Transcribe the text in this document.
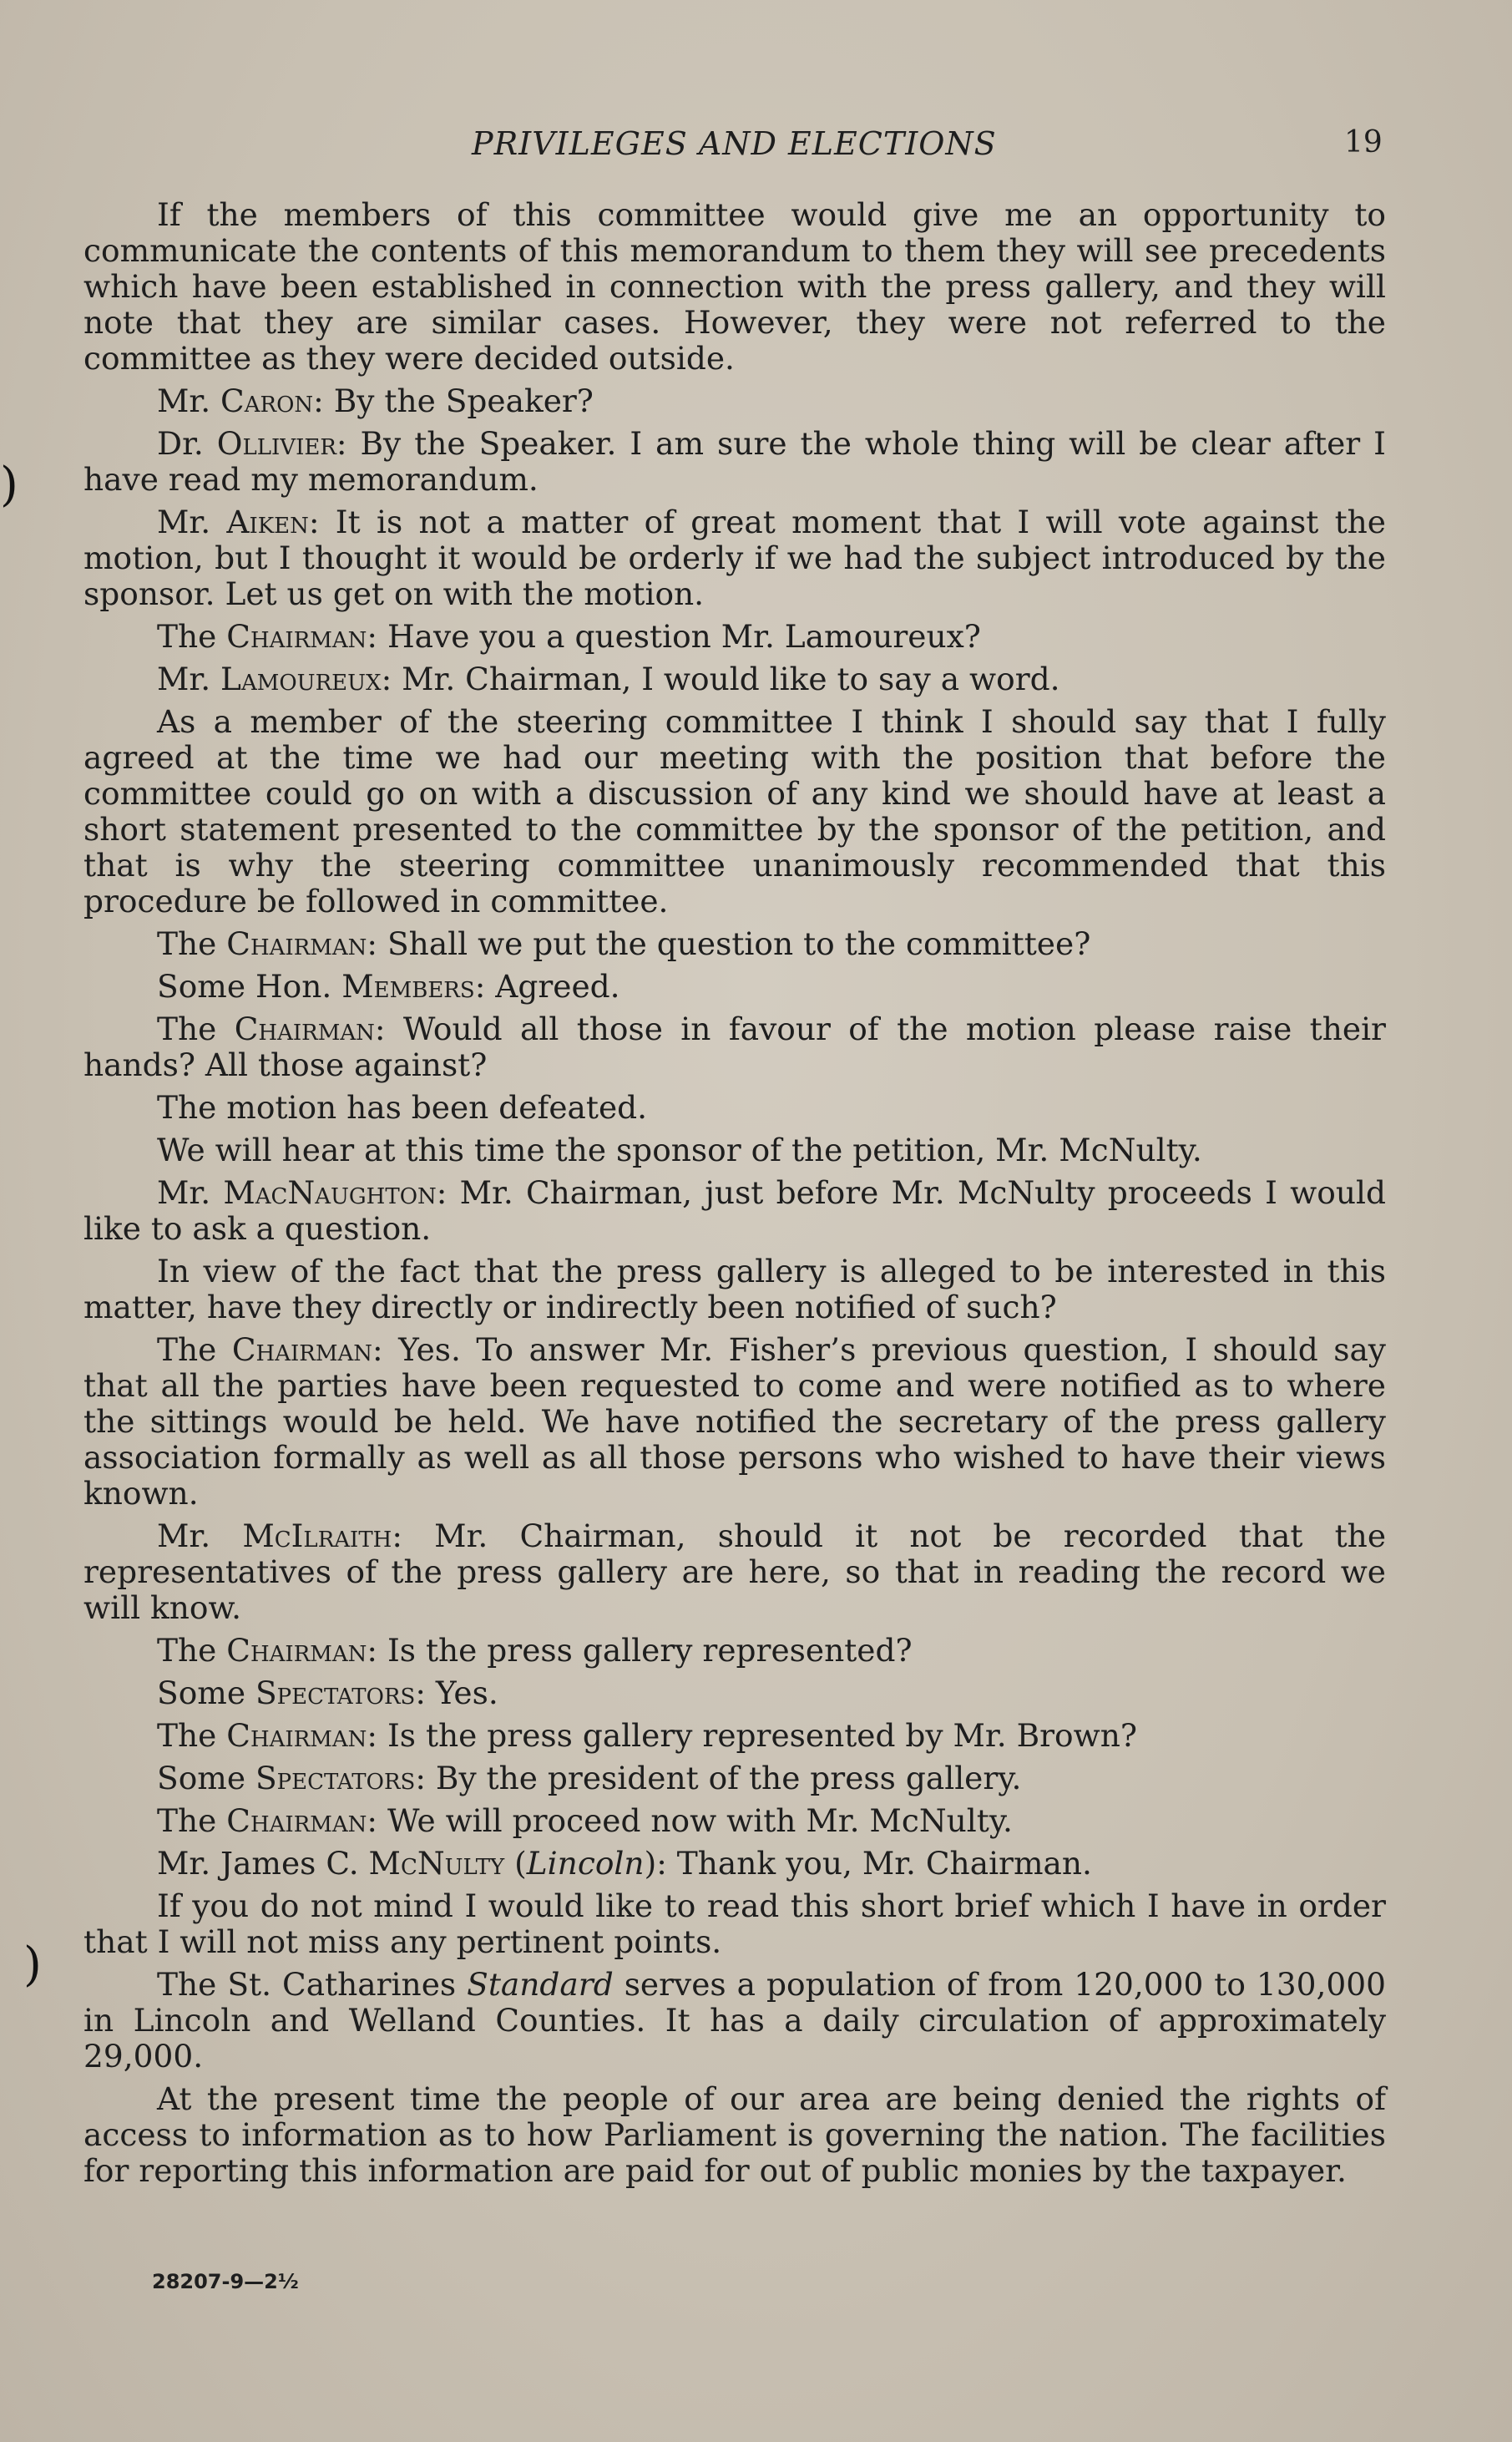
PRIVILEGES AND ELECTIONS	19
)
)

If the members of this committee would give me an opportunity to communicate the contents of this memorandum to them they will see precedents which have been established in connection with the press gallery, and they will note that they are similar cases. However, they were not referred to the committee as they were decided outside.

Mr. Caron: By the Speaker?

Dr. Ollivier: By the Speaker. I am sure the whole thing will be clear after I have read my memorandum.

Mr. Aiken: It is not a matter of great moment that I will vote against the motion, but I thought it would be orderly if we had the subject introduced by the sponsor. Let us get on with the motion.

The Chairman: Have you a question Mr. Lamoureux?

Mr. Lamoureux: Mr. Chairman, I would like to say a word.

As a member of the steering committee I think I should say that I fully agreed at the time we had our meeting with the position that before the committee could go on with a discussion of any kind we should have at least a short statement presented to the committee by the sponsor of the petition, and that is why the steering committee unanimously recommended that this procedure be followed in committee.

The Chairman: Shall we put the question to the committee?

Some Hon. Members: Agreed.

The Chairman: Would all those in favour of the motion please raise their hands? All those against?

The motion has been defeated.

We will hear at this time the sponsor of the petition, Mr. McNulty.

Mr. MacNaughton: Mr. Chairman, just before Mr. McNulty proceeds I would like to ask a question.

In view of the fact that the press gallery is alleged to be interested in this matter, have they directly or indirectly been notified of such?

The Chairman: Yes. To answer Mr. Fisher’s previous question, I should say that all the parties have been requested to come and were notified as to where the sittings would be held. We have notified the secretary of the press gallery association formally as well as all those persons who wished to have their views known.

Mr. McIlraith: Mr. Chairman, should it not be recorded that the representatives of the press gallery are here, so that in reading the record we will know.

The Chairman: Is the press gallery represented?

Some Spectators: Yes.

The Chairman: Is the press gallery represented by Mr. Brown?

Some Spectators: By the president of the press gallery.

The Chairman: We will proceed now with Mr. McNulty.

Mr. James C. McNulty (Lincoln): Thank you, Mr. Chairman.

If you do not mind I would like to read this short brief which I have in order that I will not miss any pertinent points.

The St. Catharines Standard serves a population of from 120,000 to 130,000 in Lincoln and Welland Counties. It has a daily circulation of approximately 29,000.

At the present time the people of our area are being denied the rights of access to information as to how Parliament is governing the nation. The facilities for reporting this information are paid for out of public monies by the taxpayer.

28207-9—2½
